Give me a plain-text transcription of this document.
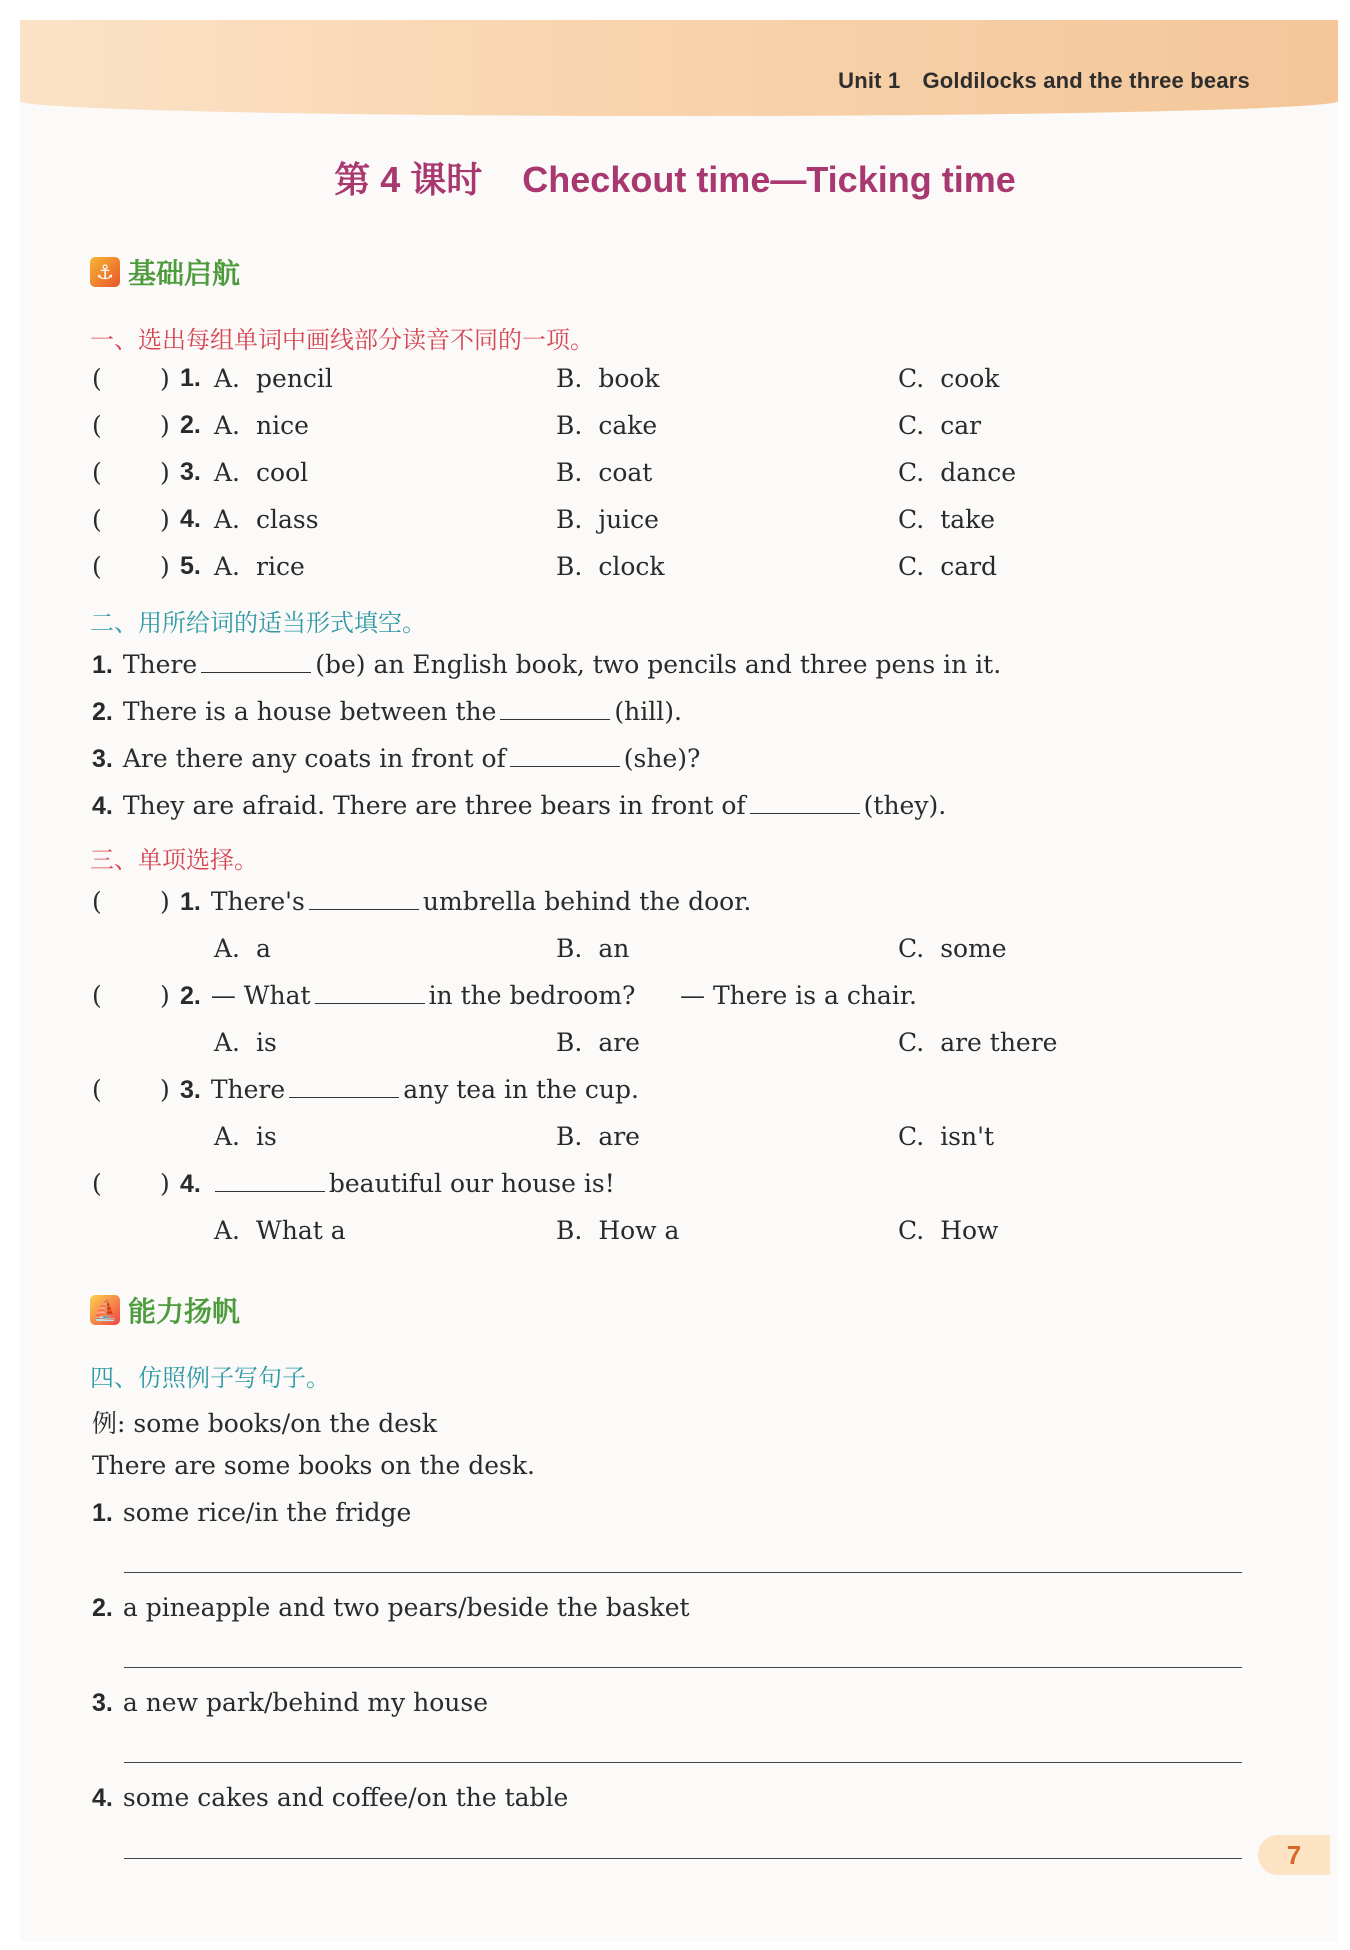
Unit 1 Goldilocks and the three bears
第 4 课时 Checkout time—Ticking time
⚓ 基础启航
一、选出每组单词中画线部分读音不同的一项。
( ) 1. A. pencil	B. book	C. cook
( ) 2. A. nice	B. cake	C. car
( ) 3. A. cool	B. coat	C. dance
( ) 4. A. class	B. juice	C. take
( ) 5. A. rice	B. clock	C. card
二、用所给词的适当形式填空。
1. There	(be) an English book, two pencils and three pens in it.
2. There is a house between the	(hill).
3. Are there any coats in front of	(she)?
4. They are afraid. There are three bears in front of	(they).
三、单项选择。
( ) 1. There's	umbrella behind the door.
A. a	B. an	C. some
( ) 2. — What	in the bedroom? — There is a chair.
A. is	B. are	C. are there
( ) 3. There	any tea in the cup.
A. is	B. are	C. isn't
( ) 4.	beautiful our house is!
A. What a	B. How a	C. How
⛵ 能力扬帆
四、仿照例子写句子。
例: some books/on the desk
There are some books on the desk.
1. some rice/in the fridge
2. a pineapple and two pears/beside the basket
3. a new park/behind my house
4. some cakes and coffee/on the table
7
